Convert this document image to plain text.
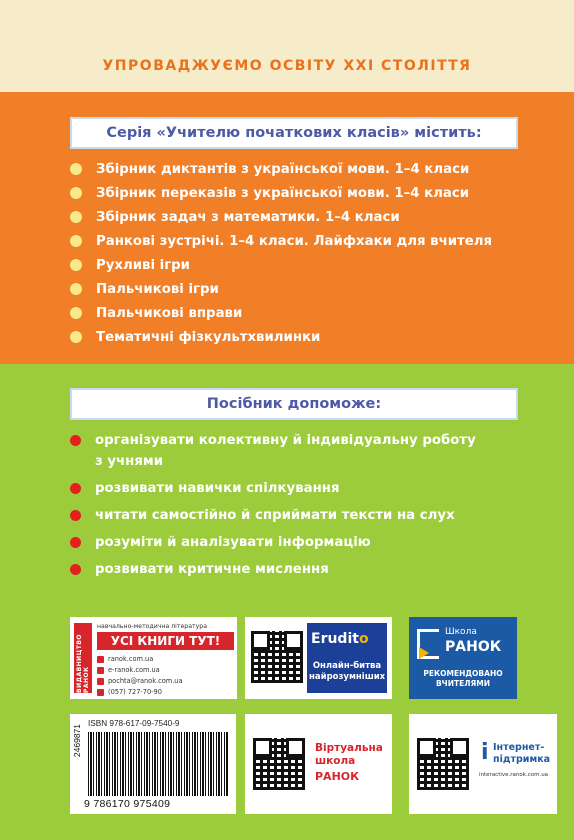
УПРОВАДЖУЄМО ОСВІТУ XXI СТОЛІТТЯ
Серія «Учителю початкових класів» містить:
Збірник диктантів з української мови. 1–4 класи
Збірник переказів з української мови. 1–4 класи
Збірник задач з математики. 1–4 класи
Ранкові зустрічі. 1–4 класи. Лайфхаки для вчителя
Рухливі ігри
Пальчикові ігри
Пальчикові вправи
Тематичні фізкультхвилинки
Посібник допоможе:
організувати колективну й індивідуальну роботу з учнями
розвивати навички спілкування
читати самостійно й сприймати тексти на слух
розуміти й аналізувати інформацію
розвивати критичне мислення
ВИДАВНИЦТВО РАНОК
навчально-методична література
УСІ КНИГИ ТУТ!
ranok.com.ua
e-ranok.com.ua
pochta@ranok.com.ua
(057) 727-70-90
Erudito
Онлайн-битва найрозумніших
Школа
РАНОК
РЕКОМЕНДОВАНО ВЧИТЕЛЯМИ
2469871
ISBN 978-617-09-7540-9
9 786170 975409
Віртуальна школа
РАНОК
i Інтернет-підтримка
interactive.ranok.com.ua
